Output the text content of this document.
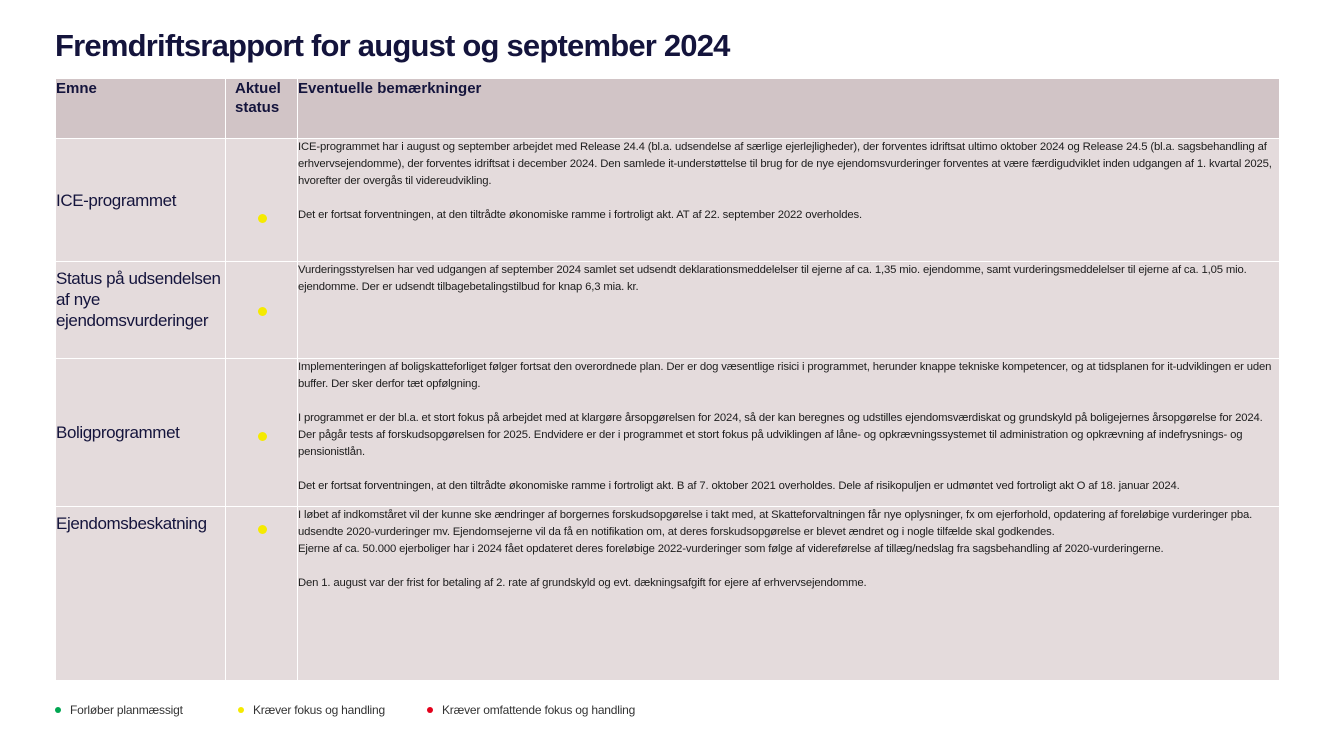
Fremdriftsrapport for august og september 2024
Emne	Aktuel status	Eventuelle bemærkninger
ICE-programmet		ICE-programmet har i august og september arbejdet med Release 24.4 (bl.a. udsendelse af særlige ejerlejligheder), der forventes idriftsat ultimo oktober 2024 og Release 24.5 (bl.a. sagsbehandling af erhvervsejendomme), der forventes idriftsat i december 2024. Den samlede it-understøttelse til brug for de nye ejendomsvurderinger forventes at være færdigudviklet inden udgangen af 1. kvartal 2025, hvorefter der overgås til videreudvikling.

Det er fortsat forventningen, at den tiltrådte økonomiske ramme i fortroligt akt. AT af 22. september 2022 overholdes.

Status på udsendelsen af nye ejendomsvurderinger		Vurderingsstyrelsen har ved udgangen af september 2024 samlet set udsendt deklarationsmeddelelser til ejerne af ca. 1,35 mio. ejendomme, samt vurderingsmeddelelser til ejerne af ca. 1,05 mio. ejendomme. Der er udsendt tilbagebetalingstilbud for knap 6,3 mia. kr.

Boligprogrammet		Implementeringen af boligskatteforliget følger fortsat den overordnede plan. Der er dog væsentlige risici i programmet, herunder knappe tekniske kompetencer, og at tidsplanen for it-udviklingen er uden buffer. Der sker derfor tæt opfølgning.

I programmet er der bl.a. et stort fokus på arbejdet med at klargøre årsopgørelsen for 2024, så der kan beregnes og udstilles ejendomsværdiskat og grundskyld på boligejernes årsopgørelse for 2024. Der pågår tests af forskudsopgørelsen for 2025. Endvidere er der i programmet et stort fokus på udviklingen af låne- og opkrævningssystemet til administration og opkrævning af indefrysnings- og pensionistlån.

Det er fortsat forventningen, at den tiltrådte økonomiske ramme i fortroligt akt. B af 7. oktober 2021 overholdes. Dele af risikopuljen er udmøntet ved fortroligt akt O af 18. januar 2024.

Ejendomsbeskatning		I løbet af indkomståret vil der kunne ske ændringer af borgernes forskudsopgørelse i takt med, at Skatteforvaltningen får nye oplysninger, fx om ejerforhold, opdatering af foreløbige vurderinger pba. udsendte 2020-vurderinger mv. Ejendomsejerne vil da få en notifikation om, at deres forskudsopgørelse er blevet ændret og i nogle tilfælde skal godkendes.

Ejerne af ca. 50.000 ejerboliger har i 2024 fået opdateret deres foreløbige 2022-vurderinger som følge af videreførelse af tillæg/nedslag fra sagsbehandling af 2020-vurderingerne.

Den 1. august var der frist for betaling af 2. rate af grundskyld og evt. dækningsafgift for ejere af erhvervsejendomme.

Forløber planmæssigt	Kræver fokus og handling	Kræver omfattende fokus og handling
